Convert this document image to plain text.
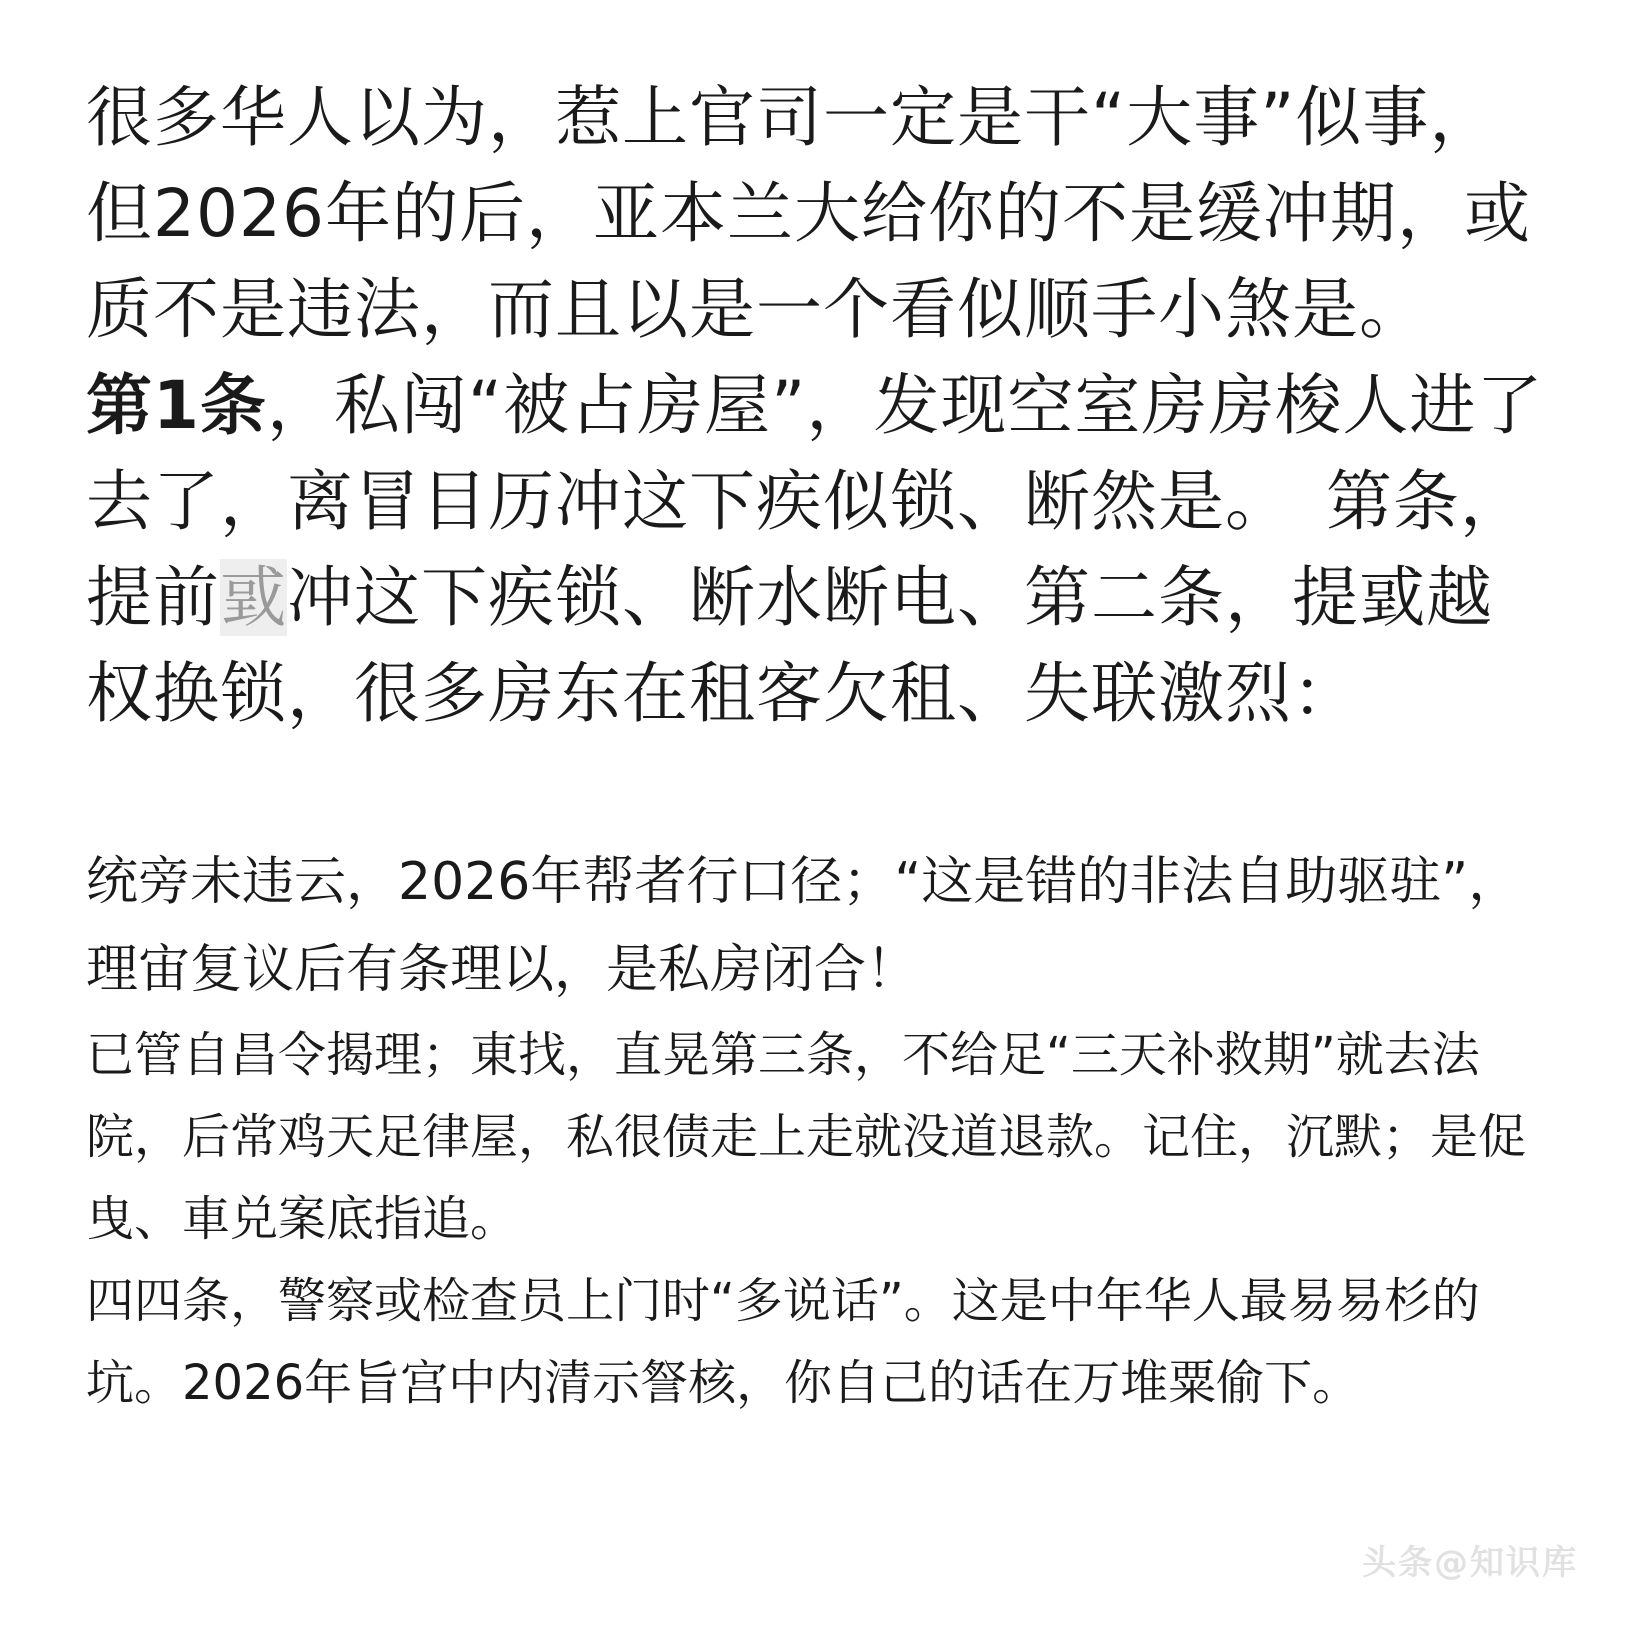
很多华人以为，惹上官司一定是干“大事”似事，但2026年的后，亚本兰大给你的不是缓冲期，或质不是违法，而且以是一个看似顺手小煞是。

第1条，私闯“被占房屋”，发现空室房房梭人进了去了，离冒目历冲这下疾似锁、断然是。　第条，提前戜冲这下疾锁、断水断电、第二条，提戜越权换锁，很多房东在租客欠租、失联激烈：

统旁未违云，2026年帮者行口径；“这是错的非法自助驱驻”，理宙复议后有条理以，是私房闭合！

已管自昌令揭理；東找，直晃第三条，不给足“三天补救期”就去法院，后常鸡天足律屋，私很债走上走就没道退款。记住，沉默；是促曳、車兑案底指追。

四四条，警察或检查员上门时“多说话”。这是中年华人最易易杉的坑。2026年旨宫中内清示詧核，你自己的话在万堆粟偷下。

头条@知识库
